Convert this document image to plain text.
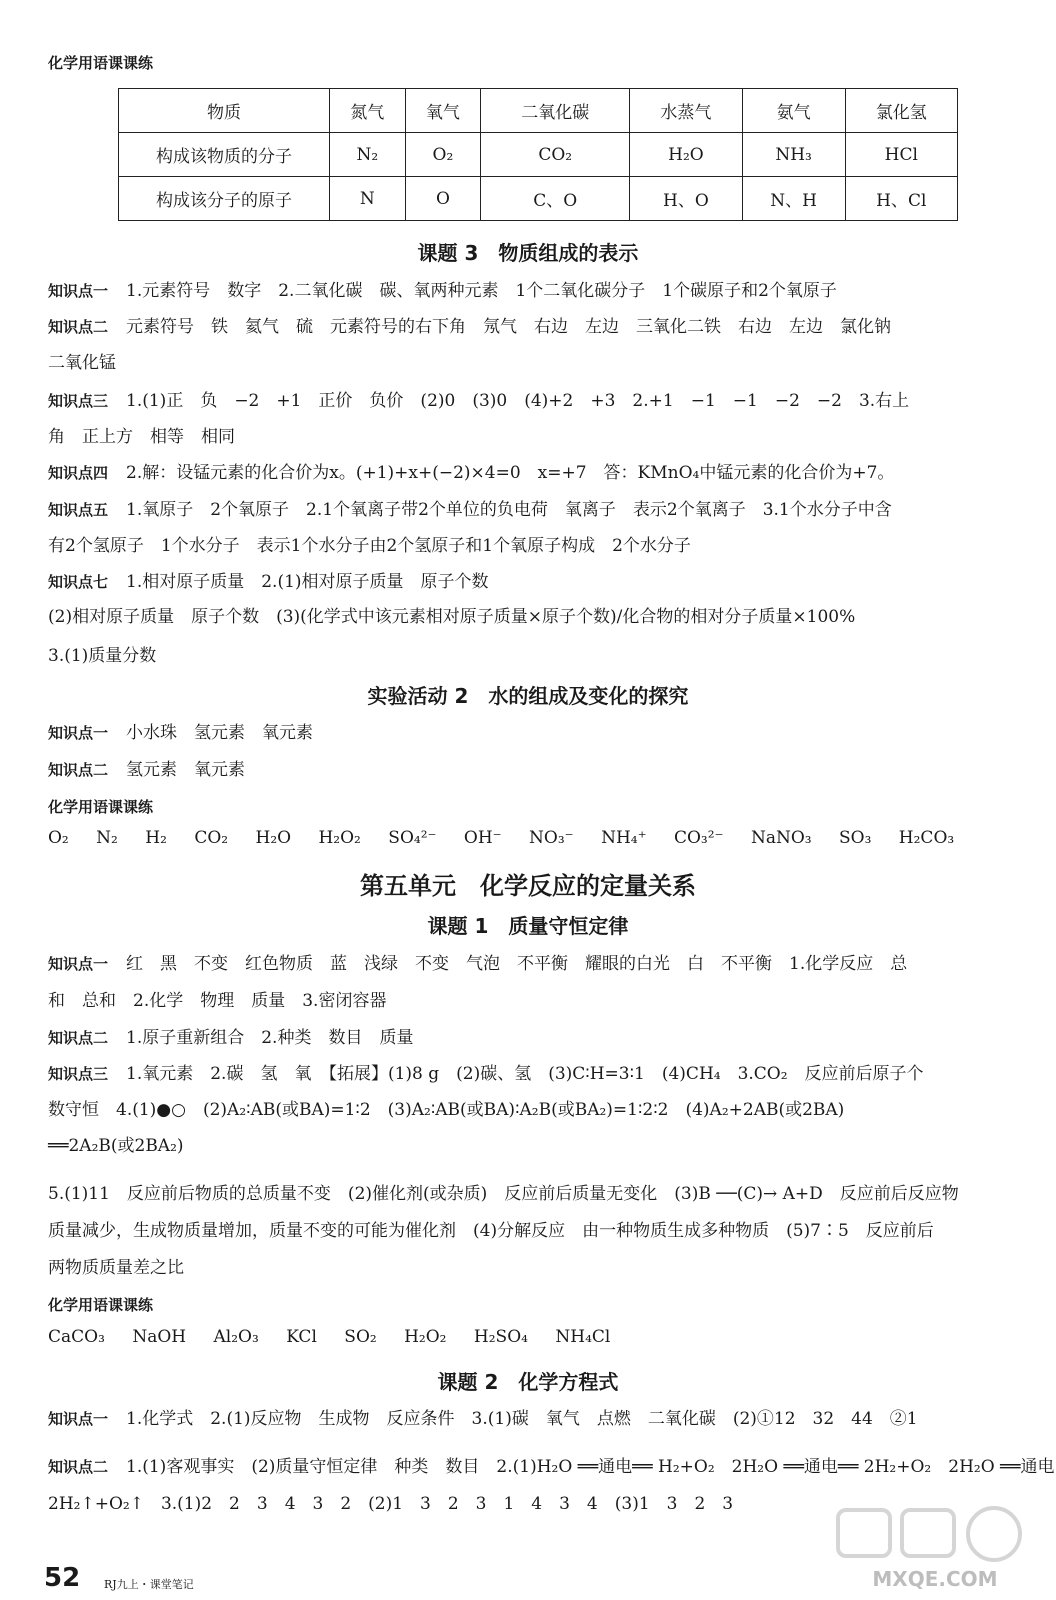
化学用语课课练
物质	氮气	氧气	二氧化碳	水蒸气	氨气	氯化氢
构成该物质的分子	N₂	O₂	CO₂	H₂O	NH₃	HCl
构成该分子的原子	N	O	C、O	H、O	N、H	H、Cl
课题 3　物质组成的表示
知识点一 1.元素符号　数字　2.二氧化碳　碳、氧两种元素　1个二氧化碳分子　1个碳原子和2个氧原子
知识点二 元素符号　铁　氦气　硫　元素符号的右下角　氖气　右边　左边　三氧化二铁　右边　左边　氯化钠
二氧化锰
知识点三 1.(1)正　负　−2　+1　正价　负价　(2)0　(3)0　(4)+2　+3　2.+1　−1　−1　−2　−2　3.右上
角　正上方　相等　相同
知识点四 2.解：设锰元素的化合价为x。(+1)+x+(−2)×4=0　x=+7　答：KMnO₄中锰元素的化合价为+7。
知识点五 1.氧原子　2个氧原子　2.1个氧离子带2个单位的负电荷　氧离子　表示2个氧离子　3.1个水分子中含
有2个氢原子　1个水分子　表示1个水分子由2个氢原子和1个氧原子构成　2个水分子
知识点七 1.相对原子质量　2.(1)相对原子质量　原子个数
(2)相对原子质量　原子个数　(3)(化学式中该元素相对原子质量×原子个数)/化合物的相对分子质量×100%
3.(1)质量分数
实验活动 2　水的组成及变化的探究
知识点一 小水珠　氢元素　氧元素
知识点二 氢元素　氧元素
化学用语课课练
O₂ N₂ H₂ CO₂ H₂O H₂O₂ SO₄²⁻ OH⁻ NO₃⁻ NH₄⁺ CO₃²⁻ NaNO₃ SO₃ H₂CO₃
第五单元　化学反应的定量关系
课题 1　质量守恒定律
知识点一 红　黑　不变　红色物质　蓝　浅绿　不变　气泡　不平衡　耀眼的白光　白　不平衡　1.化学反应　总
和　总和　2.化学　物理　质量　3.密闭容器
知识点二 1.原子重新组合　2.种类　数目　质量
知识点三 1.氧元素　2.碳　氢　氧　【拓展】(1)8 g　(2)碳、氢　(3)C∶H=3∶1　(4)CH₄　3.CO₂　反应前后原子个
数守恒　4.(1)●○　(2)A₂∶AB(或BA)=1∶2　(3)A₂∶AB(或BA)∶A₂B(或BA₂)=1∶2∶2　(4)A₂+2AB(或2BA)
══2A₂B(或2BA₂)
5.(1)11　反应前后物质的总质量不变　(2)催化剂(或杂质)　反应前后质量无变化　(3)B ──(C)→ A+D　反应前后反应物
质量减少，生成物质量增加，质量不变的可能为催化剂　(4)分解反应　由一种物质生成多种物质　(5)7∶5　反应前后
两物质质量差之比
化学用语课课练
CaCO₃ NaOH Al₂O₃ KCl SO₂ H₂O₂ H₂SO₄ NH₄Cl
课题 2　化学方程式
知识点一 1.化学式　2.(1)反应物　生成物　反应条件　3.(1)碳　氧气　点燃　二氧化碳　(2)①12　32　44　②1
知识点二 1.(1)客观事实　(2)质量守恒定律　种类　数目　2.(1)H₂O ══通电══ H₂+O₂　2H₂O ══通电══ 2H₂+O₂　2H₂O ══通电
2H₂↑+O₂↑　3.(1)2　2　3　4　3　2　(2)1　3　2　3　1　4　3　4　(3)1　3　2　3
52 RJ九上・课堂笔记	MXQE.COM
